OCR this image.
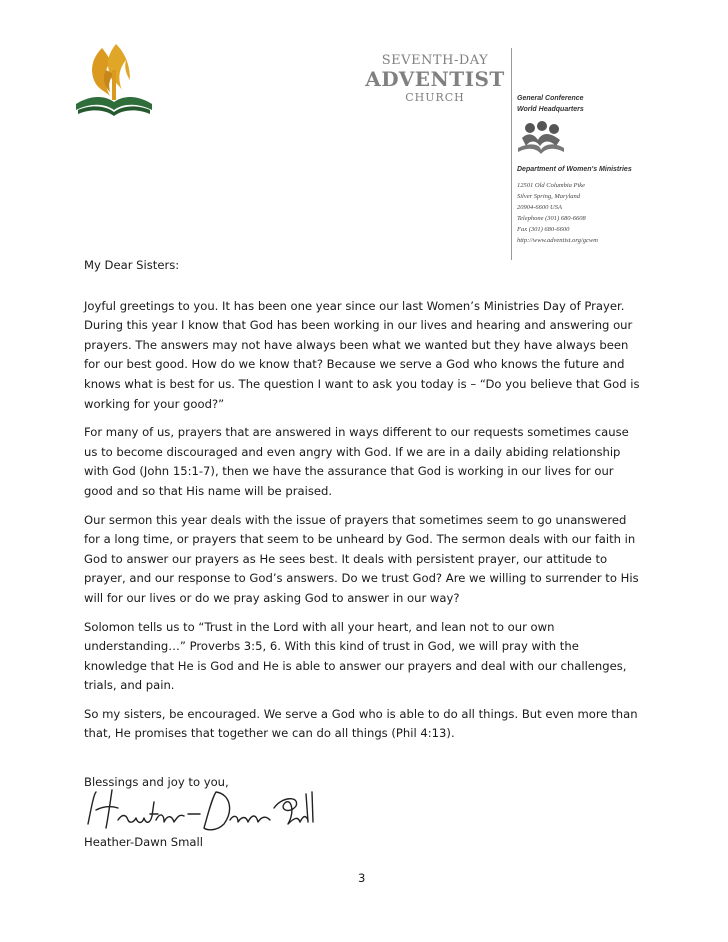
SEVENTH-DAY
ADVENTIST
CHURCH	General Conference
World Headquarters
Department of Women's Ministries
12501 Old Columbia Pike
Silver Spring, Maryland
20904-6600 USA
Telephone (301) 680-6608
Fax (301) 680-6600
http://www.adventist.org/gcwm

My Dear Sisters:

Joyful greetings to you. It has been one year since our last Women’s Ministries Day of Prayer. During this year I know that God has been working in our lives and hearing and answering our prayers. The answers may not have always been what we wanted but they have always been for our best good. How do we know that? Because we serve a God who knows the future and knows what is best for us. The question I want to ask you today is – “Do you believe that God is working for your good?”

For many of us, prayers that are answered in ways different to our requests sometimes cause us to become discouraged and even angry with God. If we are in a daily abiding relationship with God (John 15:1-7), then we have the assurance that God is working in our lives for our good and so that His name will be praised.

Our sermon this year deals with the issue of prayers that sometimes seem to go unanswered for a long time, or prayers that seem to be unheard by God. The sermon deals with our faith in God to answer our prayers as He sees best. It deals with persistent prayer, our attitude to prayer, and our response to God’s answers. Do we trust God? Are we willing to surrender to His will for our lives or do we pray asking God to answer in our way?

Solomon tells us to “Trust in the Lord with all your heart, and lean not to our own understanding…” Proverbs 3:5, 6. With this kind of trust in God, we will pray with the knowledge that He is God and He is able to answer our prayers and deal with our challenges, trials, and pain.

So my sisters, be encouraged. We serve a God who is able to do all things. But even more than that, He promises that together we can do all things (Phil 4:13).

Blessings and joy to you,
Heather-Dawn Small
3
